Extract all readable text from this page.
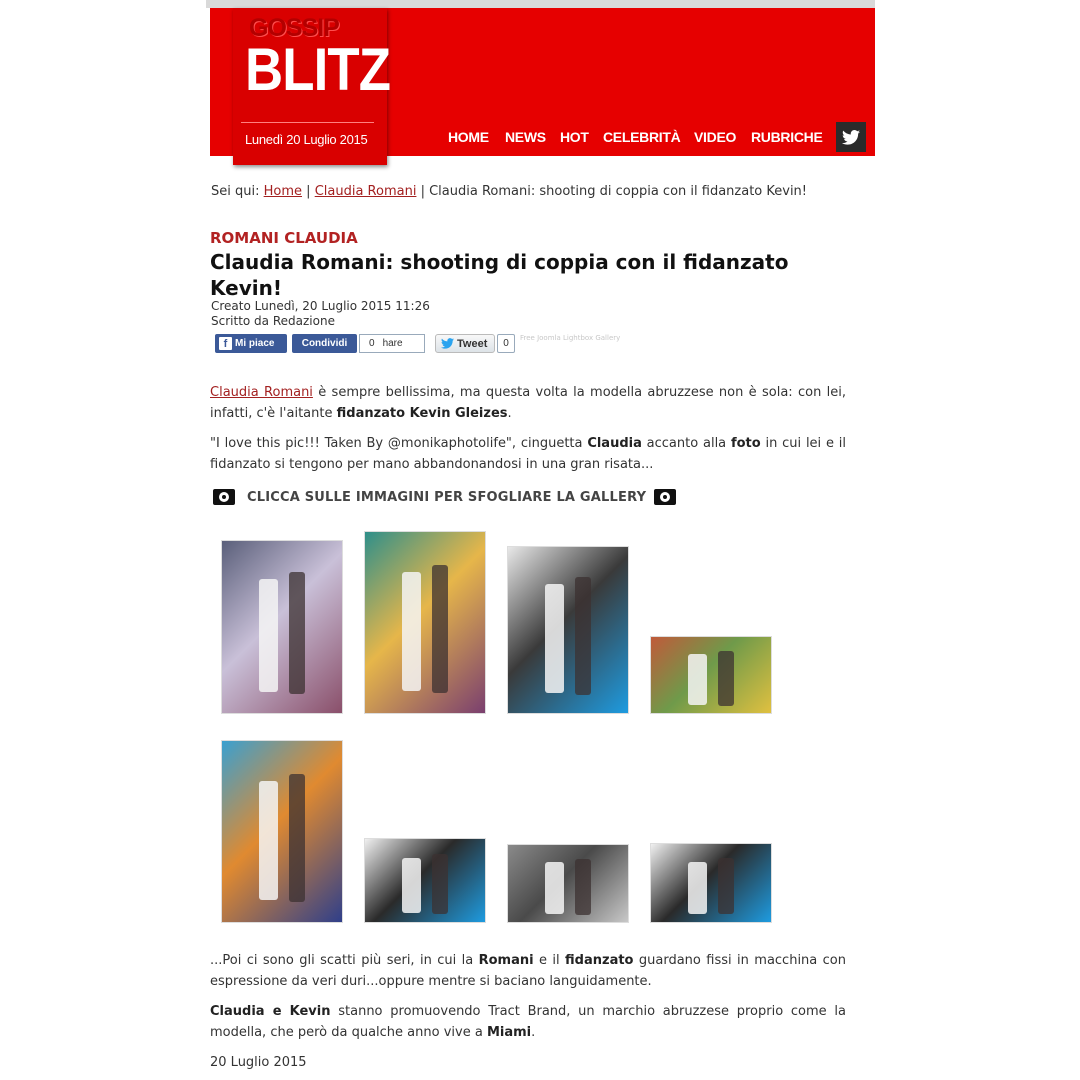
GOSSIP
BLITZ
Lunedì 20 Luglio 2015	HOME NEWS HOT CELEBRITÀ VIDEO RUBRICHE
Sei qui: Home | Claudia Romani | Claudia Romani: shooting di coppia con il fidanzato Kevin!
ROMANI CLAUDIA
Claudia Romani: shooting di coppia con il fidanzato Kevin!
Creato Lunedì, 20 Luglio 2015 11:26
Scritto da Redazione
f Mi piace	Condividi 0 hare	Tweet 0 Free Joomla Lightbox Gallery
Claudia Romani è sempre bellissima, ma questa volta la modella abruzzese non è sola: con lei, infatti, c'è l'aitante fidanzato Kevin Gleizes.
"I love this pic!!! Taken By @monikaphotolife", cinguetta Claudia accanto alla foto in cui lei e il fidanzato si tengono per mano abbandonandosi in una gran risata...
CLICCA SULLE IMMAGINI PER SFOGLIARE LA GALLERY
...Poi ci sono gli scatti più seri, in cui la Romani e il fidanzato guardano fissi in macchina con espressione da veri duri...oppure mentre si baciano languidamente.
Claudia e Kevin stanno promuovendo Tract Brand, un marchio abruzzese proprio come la modella, che però da qualche anno vive a Miami.
20 Luglio 2015
